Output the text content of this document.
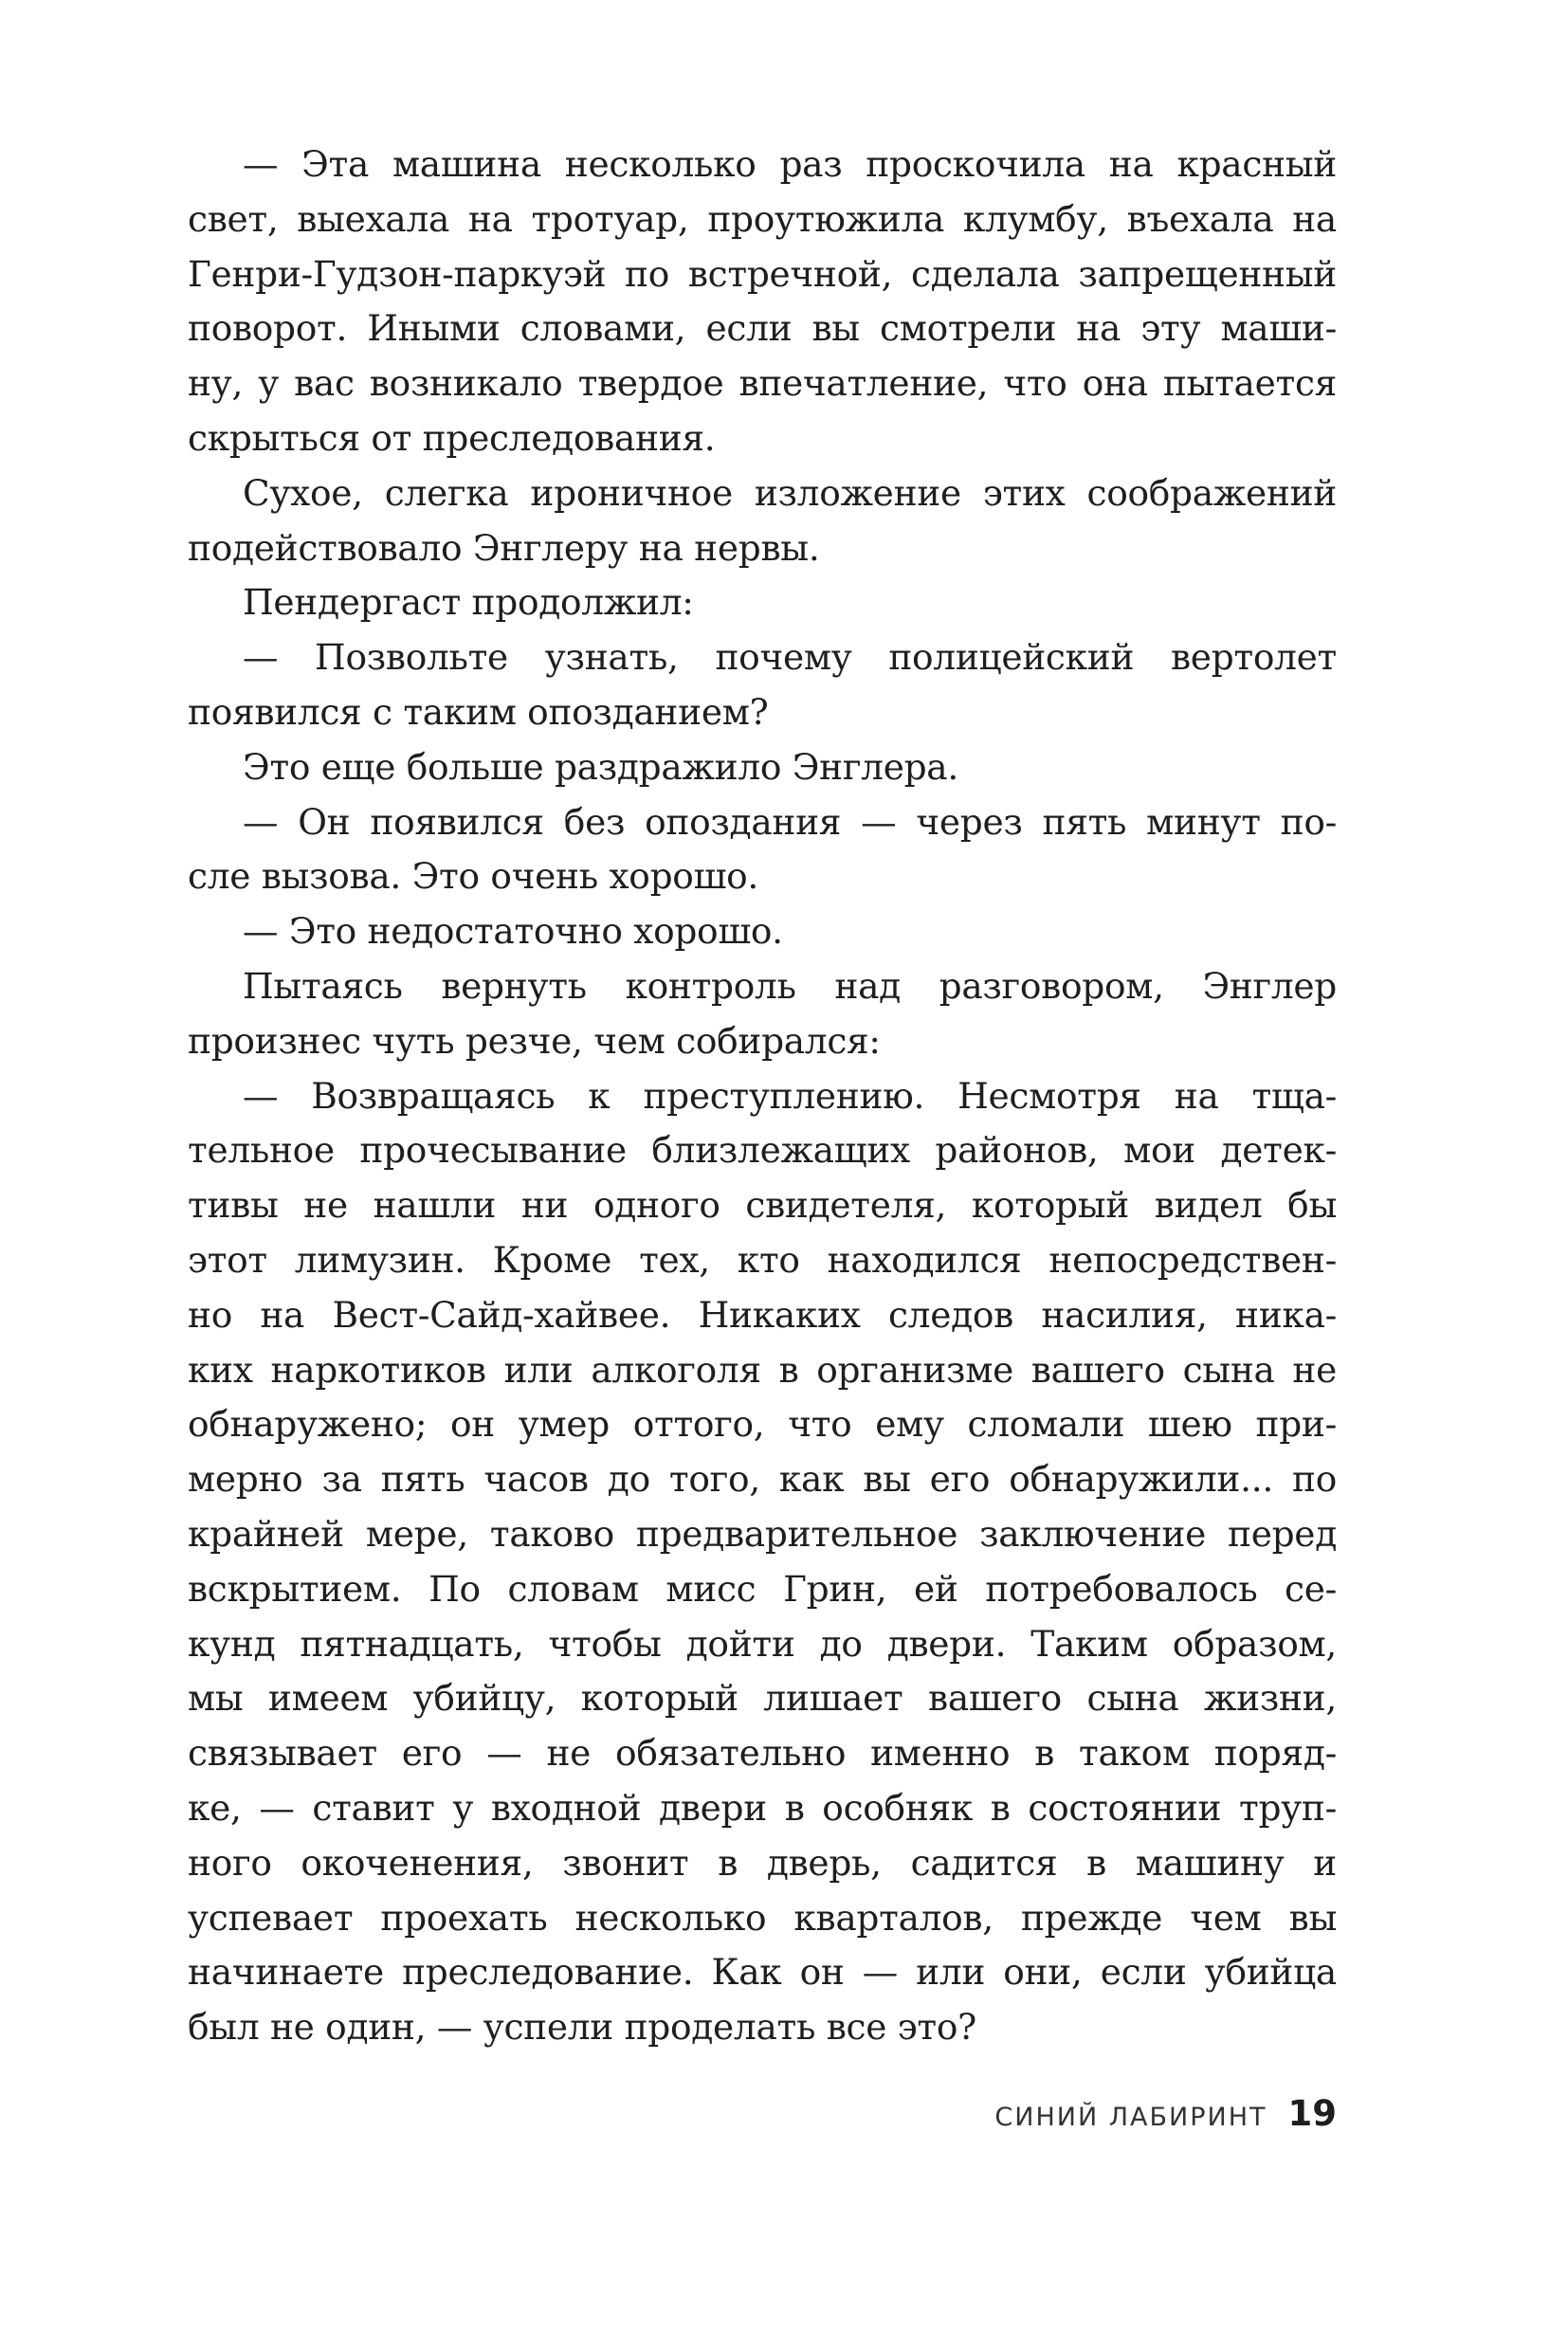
— Эта машина несколько раз проскочила на красный
свет, выехала на тротуар, проутюжила клумбу, въехала на
Генри-Гудзон-паркуэй по встречной, сделала запрещенный
поворот. Иными словами, если вы смотрели на эту маши-
ну, у вас возникало твердое впечатление, что она пытается
скрыться от преследования.
Сухое, слегка ироничное изложение этих соображений
подействовало Энглеру на нервы.
Пендергаст продолжил:
— Позвольте узнать, почему полицейский вертолет
появился с таким опозданием?
Это еще больше раздражило Энглера.
— Он появился без опоздания — через пять минут по-
сле вызова. Это очень хорошо.
— Это недостаточно хорошо.
Пытаясь вернуть контроль над разговором, Энглер
произнес чуть резче, чем собирался:
— Возвращаясь к преступлению. Несмотря на тща-
тельное прочесывание близлежащих районов, мои детек-
тивы не нашли ни одного свидетеля, который видел бы
этот лимузин. Кроме тех, кто находился непосредствен-
но на Вест-Сайд-хайвее. Никаких следов насилия, ника-
ких наркотиков или алкоголя в организме вашего сына не
обнаружено; он умер оттого, что ему сломали шею при-
мерно за пять часов до того, как вы его обнаружили... по
крайней мере, таково предварительное заключение перед
вскрытием. По словам мисс Грин, ей потребовалось се-
кунд пятнадцать, чтобы дойти до двери. Таким образом,
мы имеем убийцу, который лишает вашего сына жизни,
связывает его — не обязательно именно в таком поряд-
ке, — ставит у входной двери в особняк в состоянии труп-
ного окоченения, звонит в дверь, садится в машину и
успевает проехать несколько кварталов, прежде чем вы
начинаете преследование. Как он — или они, если убийца
был не один, — успели проделать все это?
СИНИЙ ЛАБИРИНТ 19
